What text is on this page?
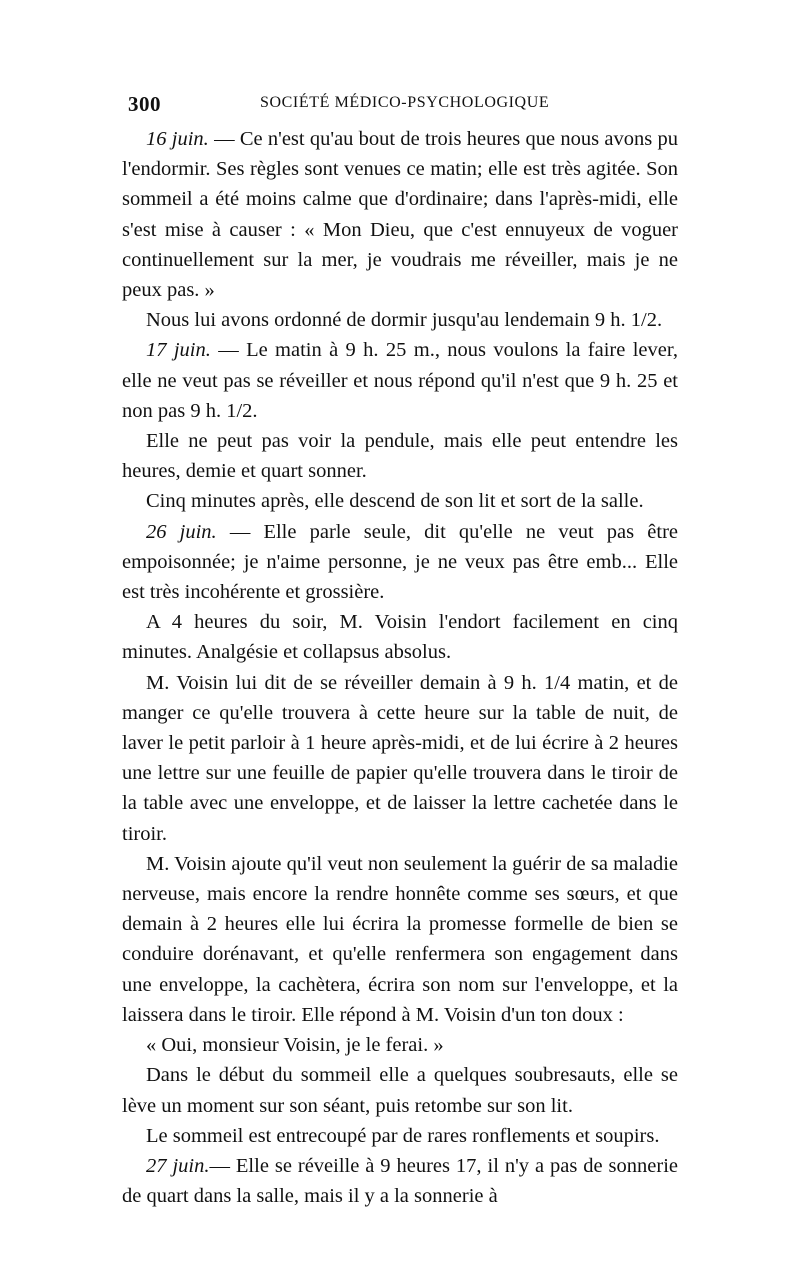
300	SOCIÉTÉ MÉDICO-PSYCHOLOGIQUE

16 juin. — Ce n'est qu'au bout de trois heures que nous avons pu l'endormir. Ses règles sont venues ce matin; elle est très agitée. Son sommeil a été moins calme que d'ordinaire; dans l'après-midi, elle s'est mise à causer : « Mon Dieu, que c'est ennuyeux de voguer continuellement sur la mer, je voudrais me réveiller, mais je ne peux pas. »

Nous lui avons ordonné de dormir jusqu'au lendemain 9 h. 1/2.

17 juin. — Le matin à 9 h. 25 m., nous voulons la faire lever, elle ne veut pas se réveiller et nous répond qu'il n'est que 9 h. 25 et non pas 9 h. 1/2.

Elle ne peut pas voir la pendule, mais elle peut entendre les heures, demie et quart sonner.

Cinq minutes après, elle descend de son lit et sort de la salle.

26 juin. — Elle parle seule, dit qu'elle ne veut pas être empoisonnée; je n'aime personne, je ne veux pas être emb... Elle est très incohérente et grossière.

A 4 heures du soir, M. Voisin l'endort facilement en cinq minutes. Analgésie et collapsus absolus.

M. Voisin lui dit de se réveiller demain à 9 h. 1/4 matin, et de manger ce qu'elle trouvera à cette heure sur la table de nuit, de laver le petit parloir à 1 heure après-midi, et de lui écrire à 2 heures une lettre sur une feuille de papier qu'elle trouvera dans le tiroir de la table avec une enveloppe, et de laisser la lettre cachetée dans le tiroir.

M. Voisin ajoute qu'il veut non seulement la guérir de sa maladie nerveuse, mais encore la rendre honnête comme ses sœurs, et que demain à 2 heures elle lui écrira la promesse formelle de bien se conduire dorénavant, et qu'elle renfermera son engagement dans une enveloppe, la cachètera, écrira son nom sur l'enveloppe, et la laissera dans le tiroir. Elle répond à M. Voisin d'un ton doux :

« Oui, monsieur Voisin, je le ferai. »

Dans le début du sommeil elle a quelques soubresauts, elle se lève un moment sur son séant, puis retombe sur son lit.

Le sommeil est entrecoupé par de rares ronflements et soupirs.

27 juin.— Elle se réveille à 9 heures 17, il n'y a pas de sonnerie de quart dans la salle, mais il y a la sonnerie à
